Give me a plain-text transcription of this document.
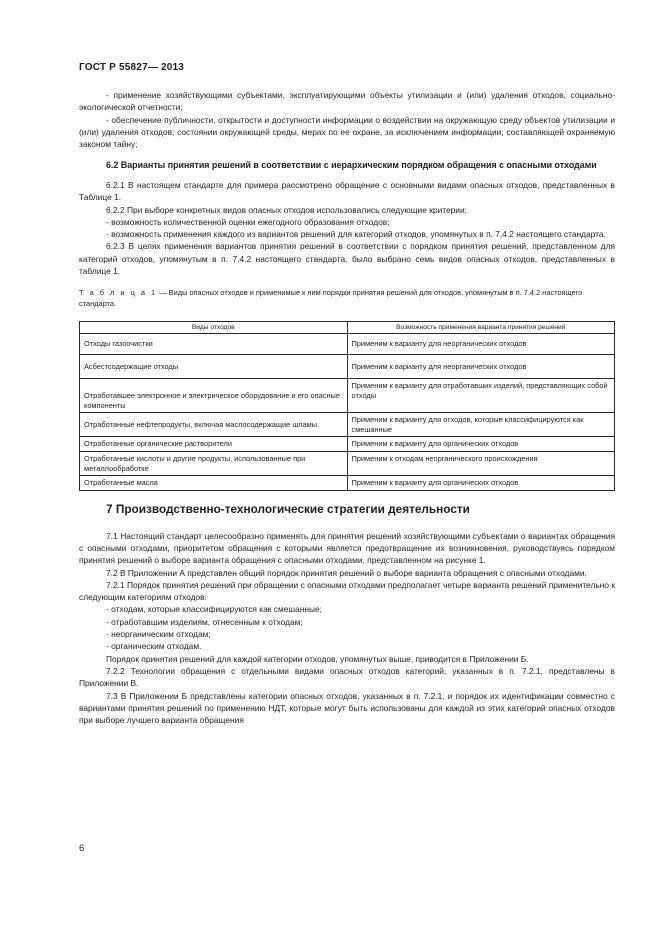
ГОСТ Р 55827— 2013

- применение хозяйствующими субъектами, эксплуатирующими объекты утилизации и (или) удаления отходов, социально-экологической отчетности;

- обеспечение публичности, открытости и доступности информации о воздействии на окружающую среду объектов утилизации и (или) удаления отходов; состоянии окружающей среды, мерах по ее охране, за исключением информации, составляющей охраняемую законом тайну;

6.2 Варианты принятия решений в соответствии с иерархическим порядком обращения с опасными отходами

6.2.1 В настоящем стандарте для примера рассмотрено обращение с основными видами опасных отходов, представленных в Таблице 1.

6.2.2 При выборе конкретных видов опасных отходов использовались следующие критерии:

- возможность количественной оценки ежегодного образования отходов;

- возможность применения каждого из вариантов решений для категорий отходов, упомянутых в п. 7.4.2 настоящего стандарта.

6.2.3 В целях применения вариантов принятия решений в соответствии с порядком принятия решений, представленном для категорий отходов, упомянутым в п. 7.4.2 настоящего стандарта, было выбрано семь видов опасных отходов, представленных в таблице 1.

Т а б л и ц а 1 — Виды опасных отходов и применимые к ним порядки принятия решений для отходов, упомянутым в п. 7.4.2 настоящего стандарта.

Виды отходов	Возможность применения варианта принятия решений
Отходы газоочистки	Применим к варианту для неорганических отходов
Асбестсодержащие отходы	Применим к варианту для неорганических отходов
Отработавшее электронное и электрическое оборудование и его опасные компоненты	Применим к варианту для отработавших изделий, представляющих собой отходы
Отработанные нефтепродукты, включая маслосодержащие шламы	Применим к варианту для отходов, которые классифицируются как смешанные
Отработанные органические растворители	Применим к варианту для органических отходов
Отработанные кислоты и другие продукты, использованные при металлообработке	Применим к отходам неорганического происхождения
Отработанные масла	Применим к варианту для органических отходов

7 Производственно-технологические стратегии деятельности

7.1 Настоящий стандарт целесообразно применять для принятия решений хозяйствующими субъектами о вариантах обращения с опасными отходами, приоритетом обращения с которыми является предотвращение их возникновения, руководствуясь порядком принятия решений о выборе варианта обращения с опасными отходами, представленном на рисунке 1.

7.2 В Приложении А представлен общий порядок принятия решений о выборе варианта обращения с опасными отходами.

7.2.1 Порядок принятия решений при обращении с опасными отходами предполагает четыре варианта решений применительно к следующим категориям отходов:

- отходам, которые классифицируются как смешанные;

- отработавшим изделиям, отнесенным к отходам;

- неорганическим отходам;

- органическим отходам.

Порядок принятия решений для каждой категории отходов, упомянутых выше, приводится в Приложении Б.

7.2.2 Технологии обращения с отдельными видами опасных отходов категорий, указанных в п. 7.2.1, представлены в Приложении В.

7.3 В Приложении Б представлены категории опасных отходов, указанных в п. 7.2.1, и порядок их идентификации совместно с вариантами принятия решений по применению НДТ, которые могут быть использованы для каждой из этих категорий опасных отходов при выборе лучшего варианта обращения

6
